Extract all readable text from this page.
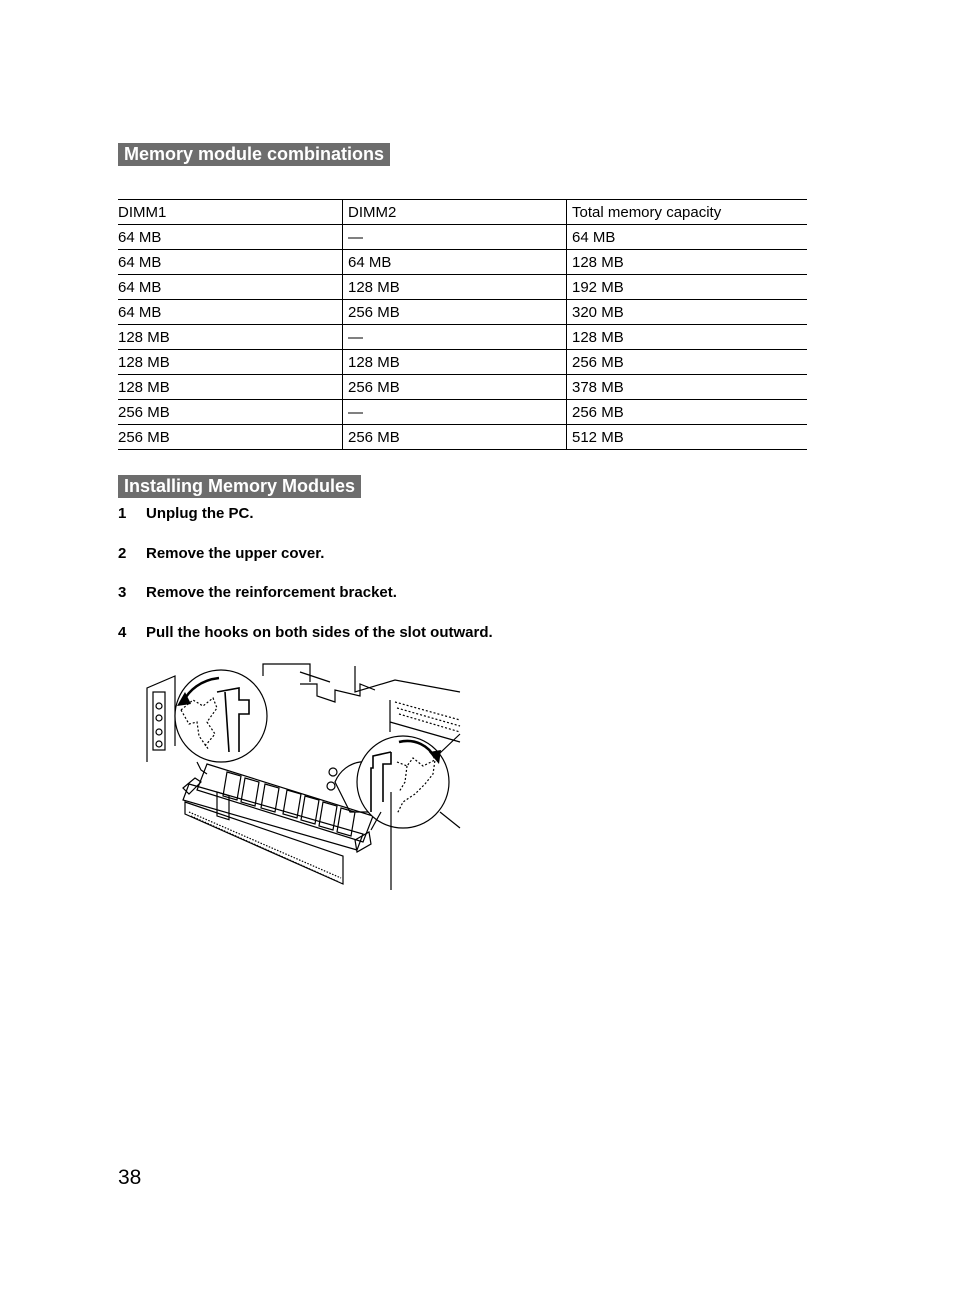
Memory module combinations
DIMM1	DIMM2	Total memory capacity
64 MB	—	64 MB
64 MB	64 MB	128 MB
64 MB	128 MB	192 MB
64 MB	256 MB	320 MB
128 MB	—	128 MB
128 MB	128 MB	256 MB
128 MB	256 MB	378 MB
256 MB	—	256 MB
256 MB	256 MB	512 MB
Installing Memory Modules
1 Unplug the PC.
2 Remove the upper cover.
3 Remove the reinforcement bracket.
4 Pull the hooks on both sides of the slot outward.
38
